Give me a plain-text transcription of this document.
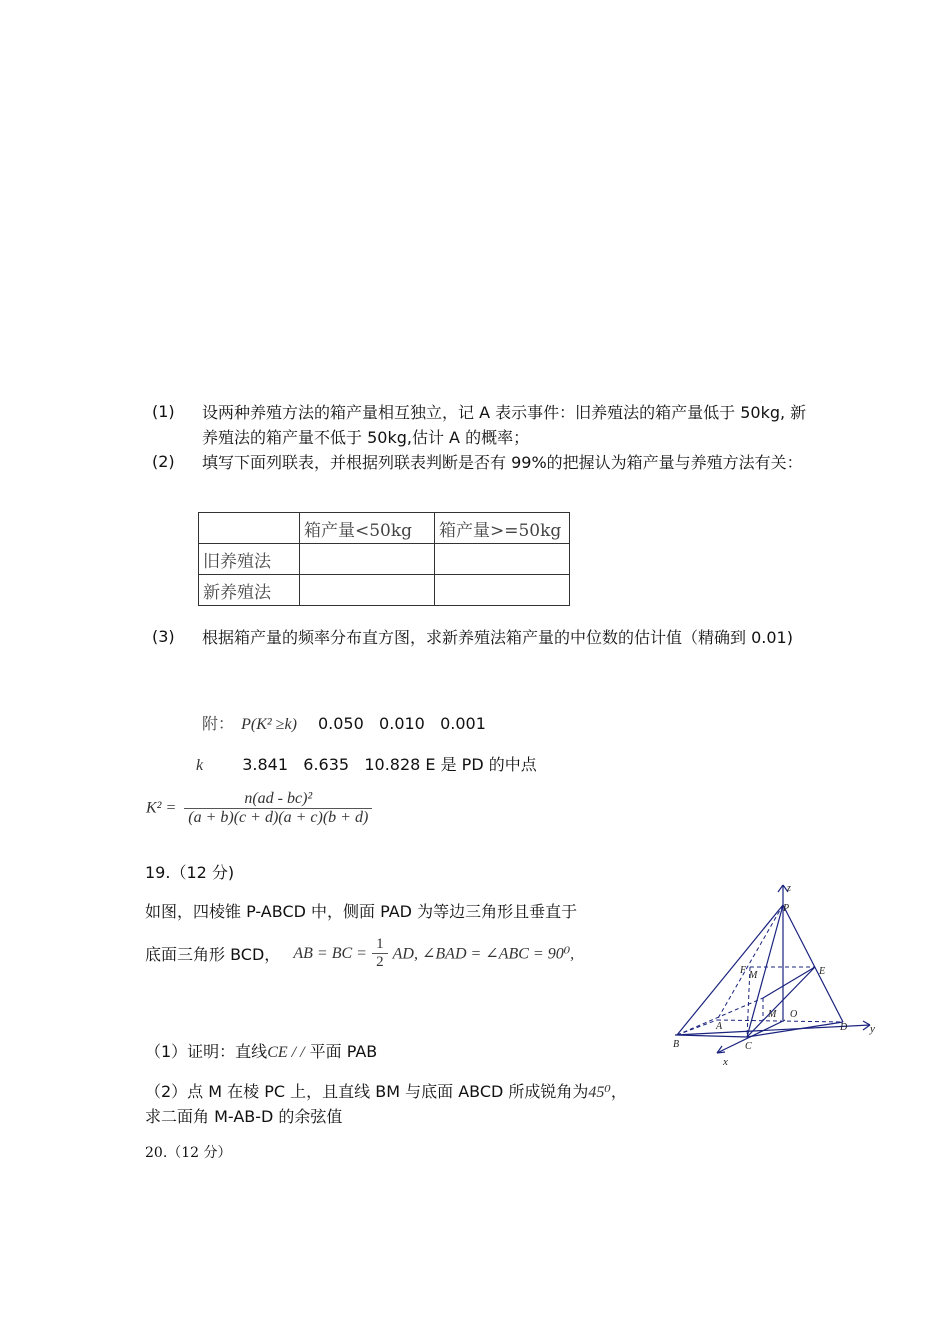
(1)	设两种养殖方法的箱产量相互独立，记 A 表示事件：旧养殖法的箱产量低于 50kg, 新养殖法的箱产量不低于 50kg,估计 A 的概率；
(2)	填写下面列联表，并根据列联表判断是否有 99%的把握认为箱产量与养殖方法有关：
	箱产量<50kg	箱产量>=50kg
旧养殖法		
新养殖法		
(3)	根据箱产量的频率分布直方图，求新养殖法箱产量的中位数的估计值（精确到 0.01)
附： P(K² ≥k) 0.050   0.010   0.001
k 3.841   6.635   10.828 E 是 PD 的中点
$K^2 = \frac{\text{n(ad - bc)²}}{(a + b)(c + d)(a + c)(b + d)}$
19.（12 分)
如图，四棱锥 P-ABCD 中，侧面 PAD 为等边三角形且垂直于
底面三角形 BCD， AB = BC = $\frac{1}{2}$ AD, ∠BAD = ∠ABC = 90⁰,
（1）证明：直线CE / / 平面 PAB
（2）点 M 在棱 PC 上，且直线 BM 与底面 ABCD 所成锐角为45⁰，
求二面角 M-AB-D 的余弦值
20.（12 分）
z
P
E
F M
M O
A
B	C
D
x
y
